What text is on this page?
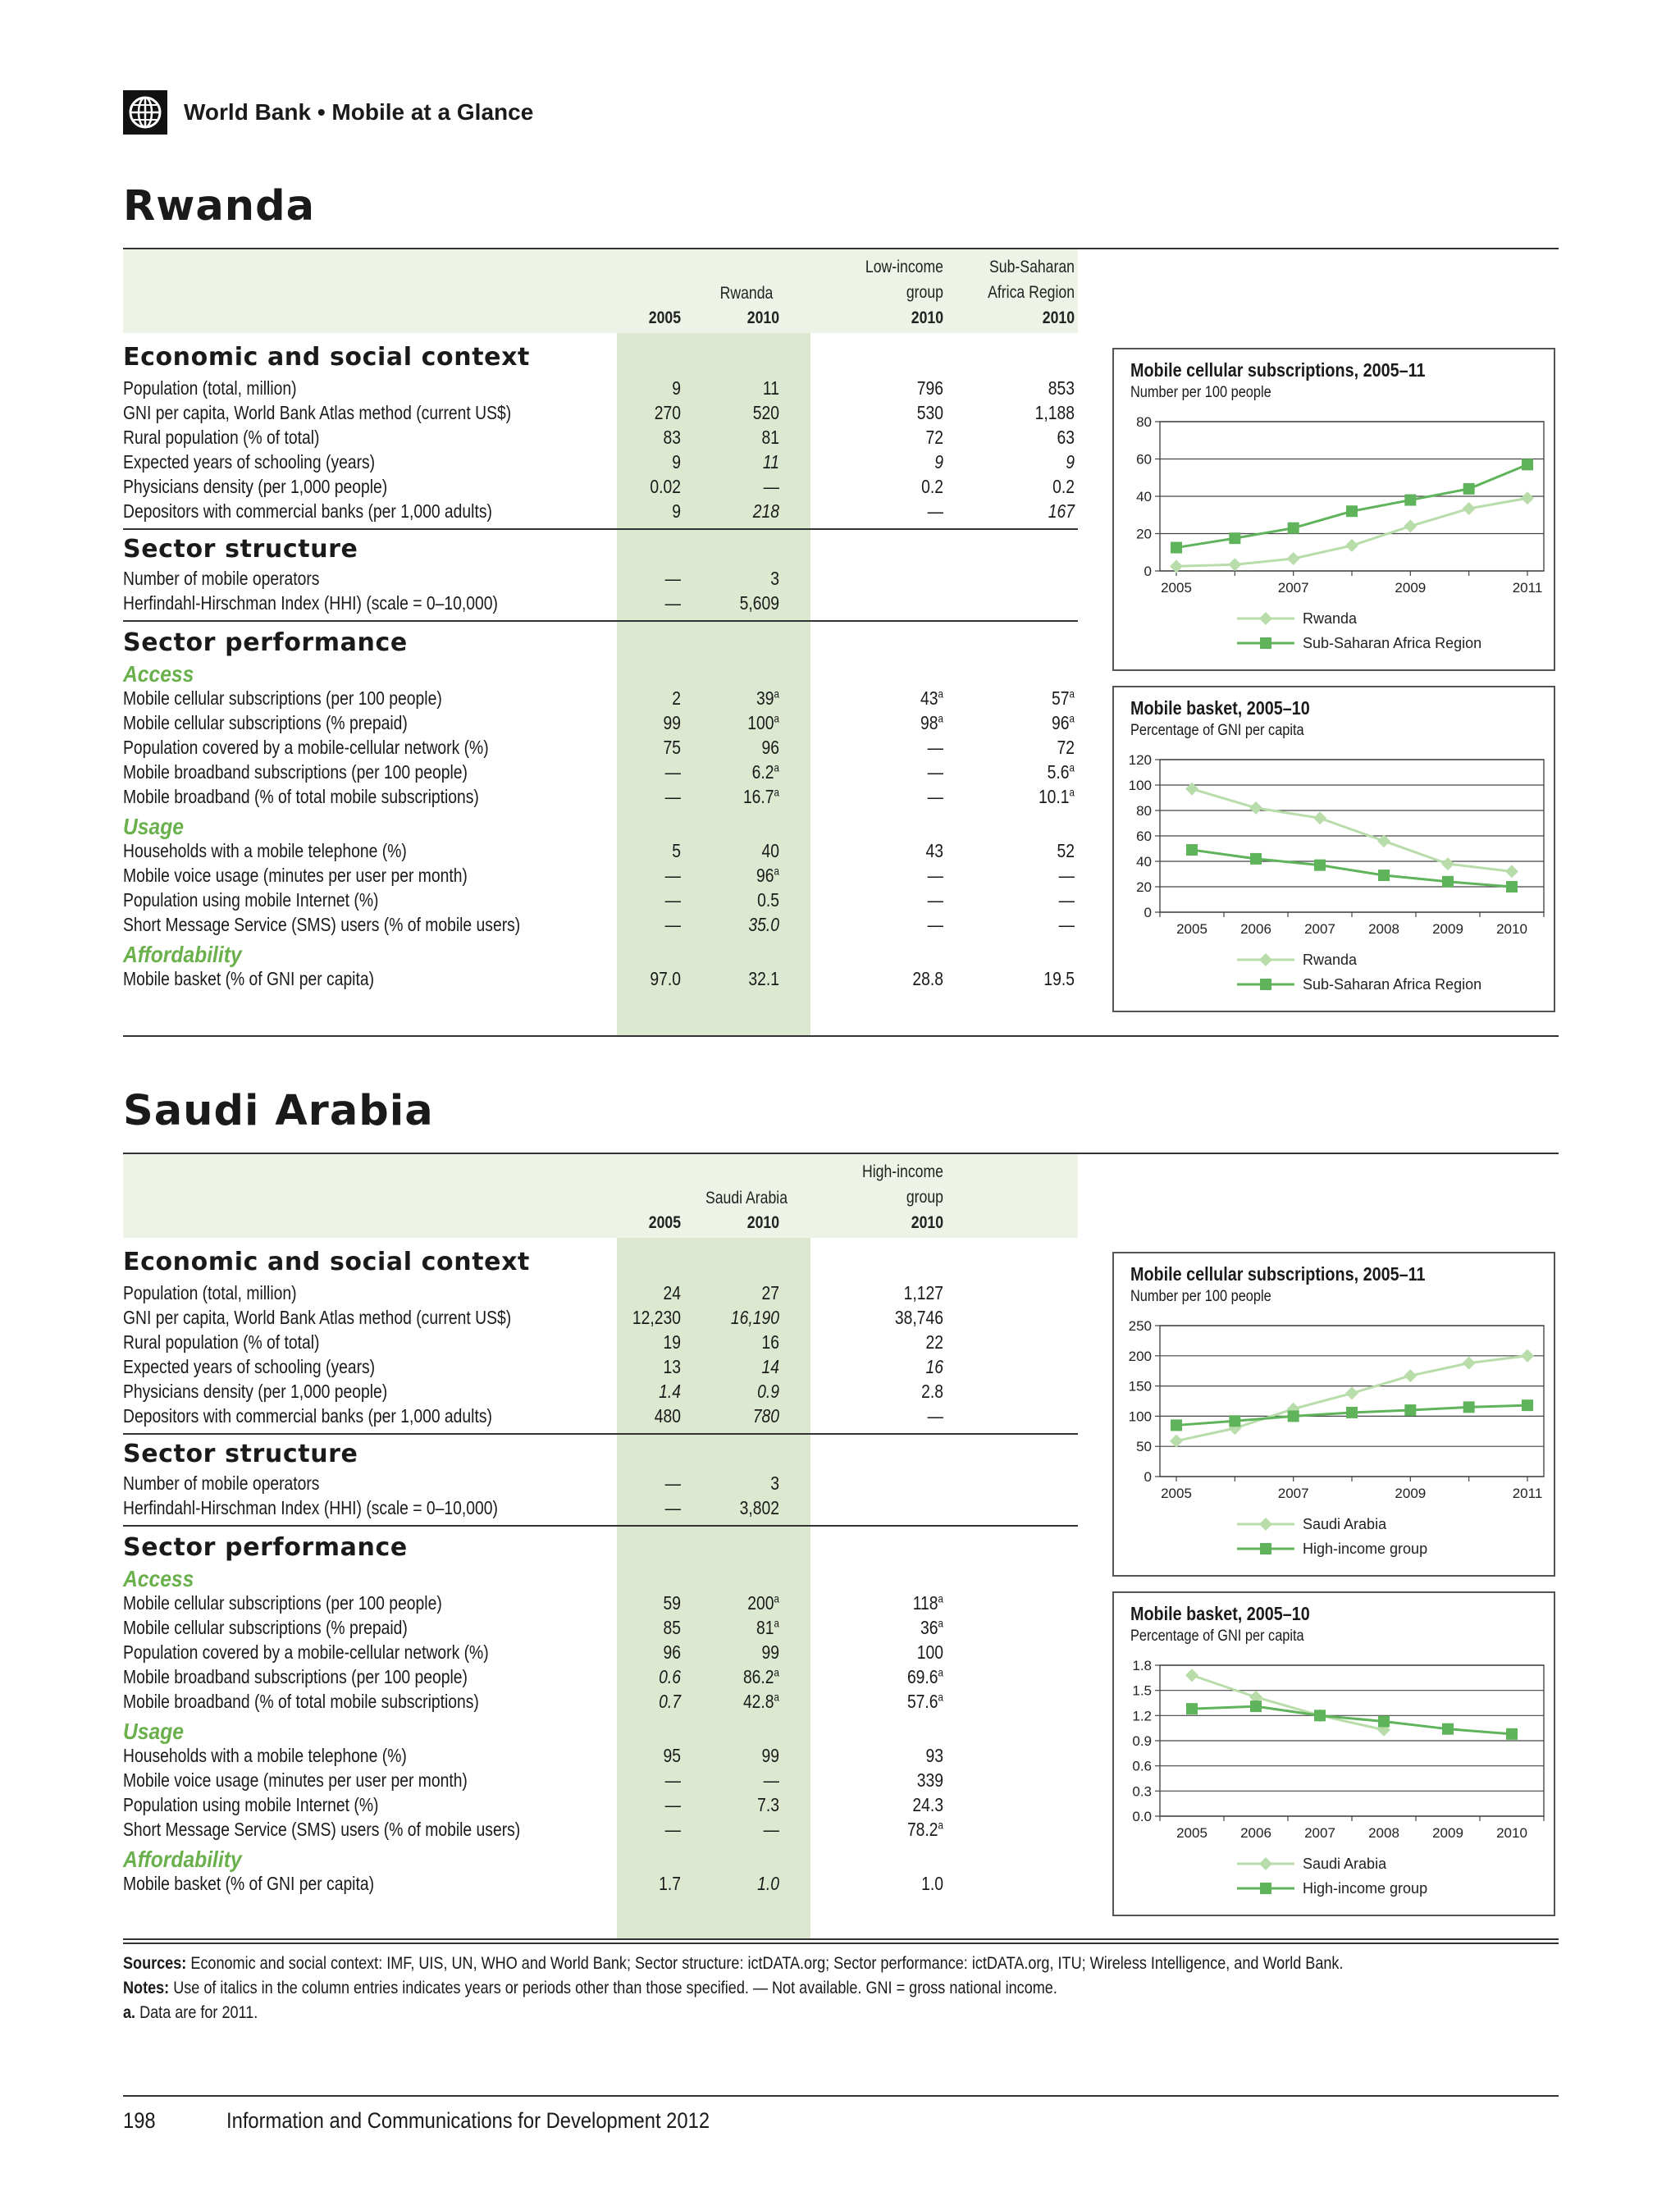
World Bank • Mobile at a Glance
Rwanda
Rwanda
2005	2010
Low-income
group
2010
Sub-Saharan
Africa Region
2010
Economic and social context
Population (total, million)	9	11	796	853
GNI per capita, World Bank Atlas method (current US$)	270	520	530	1,188
Rural population (% of total)	83	81	72	63
Expected years of schooling (years)	9	11	9	9
Physicians density (per 1,000 people)	0.02	—	0.2	0.2
Depositors with commercial banks (per 1,000 adults)	9	218	—	167
Sector structure
Number of mobile operators	—	3
Herfindahl-Hirschman Index (HHI) (scale = 0–10,000)	—	5,609
Sector performance
Access
Mobile cellular subscriptions (per 100 people)	2	39$^a$	43$^a$	57$^a$
Mobile cellular subscriptions (% prepaid)	99	100$^a$	98$^a$	96$^a$
Population covered by a mobile-cellular network (%)	75	96	—	72
Mobile broadband subscriptions (per 100 people)	—	6.2$^a$	—	5.6$^a$
Mobile broadband (% of total mobile subscriptions)	—	16.7$^a$	—	10.1$^a$
Usage
Households with a mobile telephone (%)	5	40	43	52
Mobile voice usage (minutes per user per month)	—	96$^a$	—	—
Population using mobile Internet (%)	—	0.5	—	—
Short Message Service (SMS) users (% of mobile users)	—	35.0	—	—
Affordability
Mobile basket (% of GNI per capita)	97.0	32.1	28.8	19.5
Saudi Arabia
Saudi Arabia
2005	2010
High-income
group
2010
Economic and social context
Population (total, million)	24	27	1,127
GNI per capita, World Bank Atlas method (current US$)	12,230	16,190	38,746
Rural population (% of total)	19	16	22
Expected years of schooling (years)	13	14	16
Physicians density (per 1,000 people)	1.4	0.9	2.8
Depositors with commercial banks (per 1,000 adults)	480	780	—
Sector structure
Number of mobile operators	—	3
Herfindahl-Hirschman Index (HHI) (scale = 0–10,000)	—	3,802
Sector performance
Access
Mobile cellular subscriptions (per 100 people)	59	200$^a$	118$^a$
Mobile cellular subscriptions (% prepaid)	85	81$^a$	36$^a$
Population covered by a mobile-cellular network (%)	96	99	100
Mobile broadband subscriptions (per 100 people)	0.6	86.2$^a$	69.6$^a$
Mobile broadband (% of total mobile subscriptions)	0.7	42.8$^a$	57.6$^a$
Usage
Households with a mobile telephone (%)	95	99	93
Mobile voice usage (minutes per user per month)	—	—	339
Population using mobile Internet (%)	—	7.3	24.3
Short Message Service (SMS) users (% of mobile users)	—	—	78.2$^a$
Affordability
Mobile basket (% of GNI per capita)	1.7	1.0	1.0
Sources: Economic and social context: IMF, UIS, UN, WHO and World Bank; Sector structure: ictDATA.org; Sector performance: ictDATA.org, ITU; Wireless Intelligence, and World Bank.
Notes: Use of italics in the column entries indicates years or periods other than those specified. — Not available. GNI = gross national income.
a. Data are for 2011.
198	Information and Communications for Development 2012
Mobile cellular subscriptions, 2005–11
Number per 100 people
0
20
40
60
80
2005	2007	2009	2011
Rwanda
Sub-Saharan Africa Region
Mobile basket, 2005–10
Percentage of GNI per capita
0
20
40
60
80
100
120
2005 2006 2007 2008 2009 2010
Rwanda
Sub-Saharan Africa Region
Mobile cellular subscriptions, 2005–11
Number per 100 people
0
50
100
150
200
250
2005	2007	2009	2011
Saudi Arabia
High-income group
Mobile basket, 2005–10
Percentage of GNI per capita
0.0
0.3
0.6
0.9
1.2
1.5
1.8
2005 2006 2007 2008 2009 2010
Saudi Arabia
High-income group
